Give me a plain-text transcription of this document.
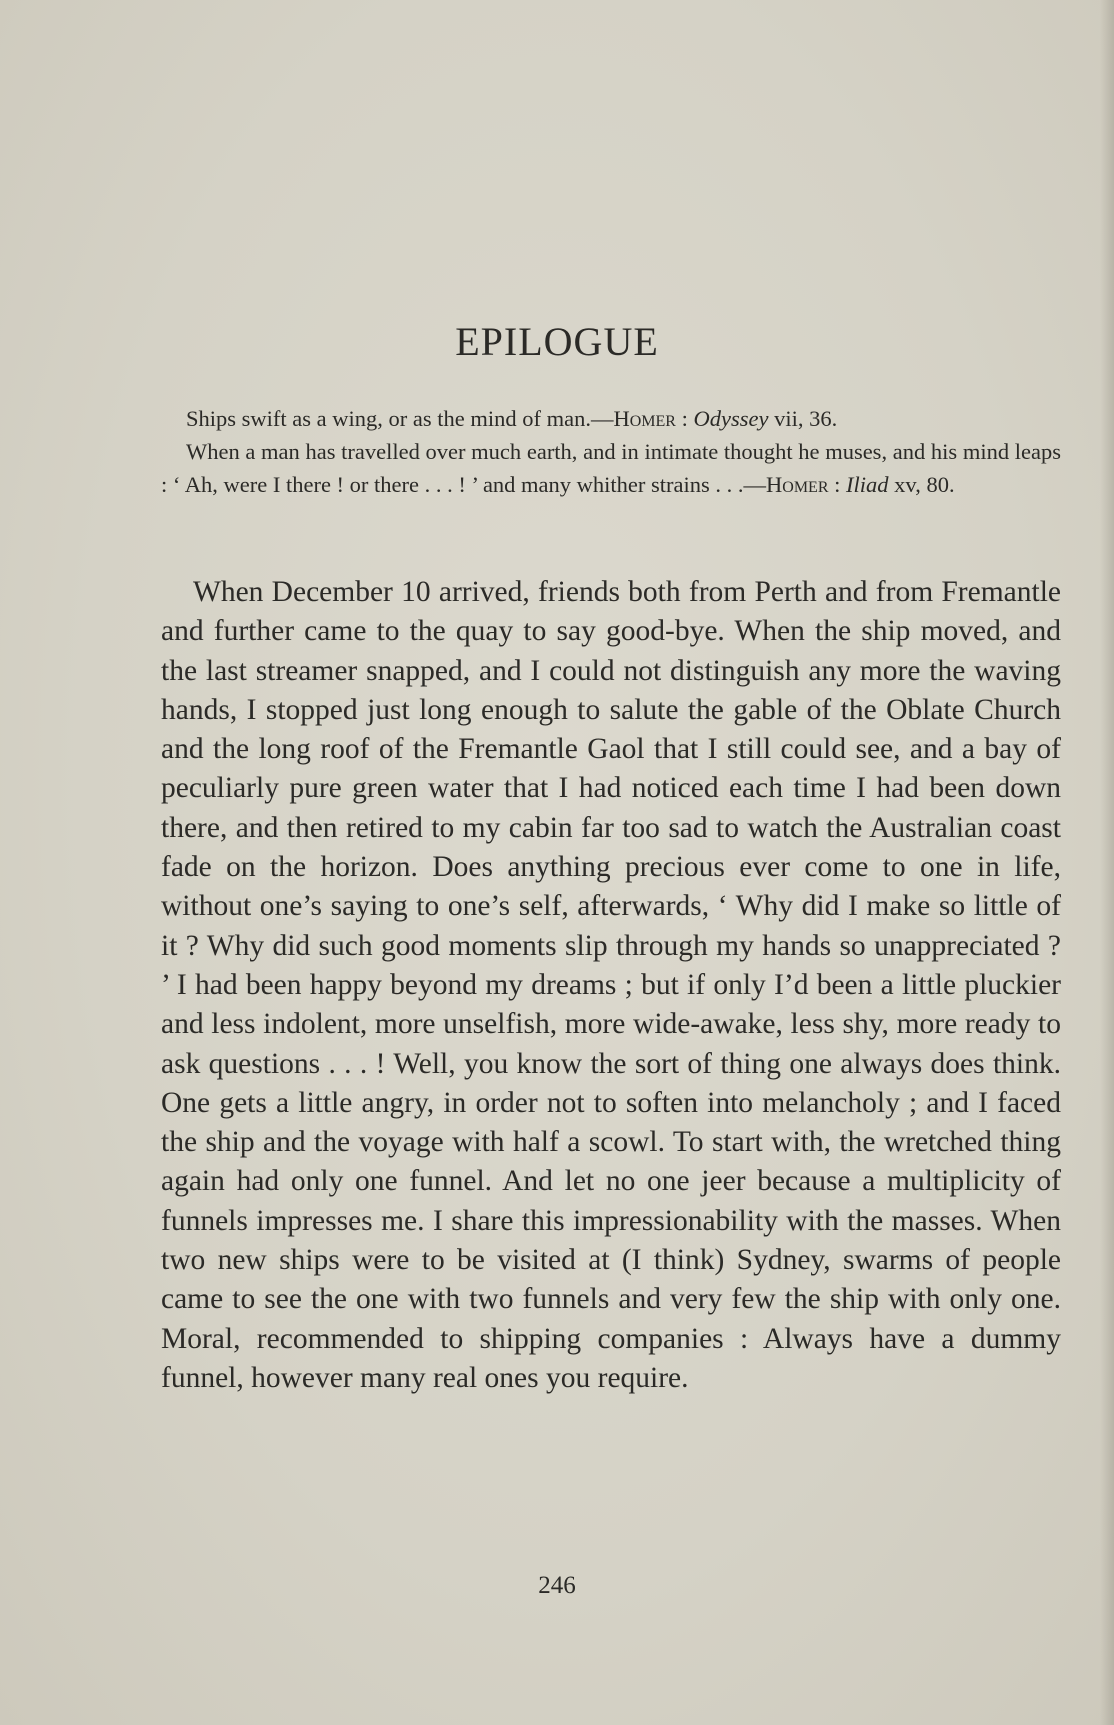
EPILOGUE

Ships swift as a wing, or as the mind of man.—Homer : Odyssey vii, 36.

When a man has travelled over much earth, and in intimate thought he muses, and his mind leaps : ‘ Ah, were I there ! or there . . . ! ’ and many whither strains . . .—Homer : Iliad xv, 80.

When December 10 arrived, friends both from Perth and from Fremantle and further came to the quay to say good-bye. When the ship moved, and the last streamer snapped, and I could not distinguish any more the waving hands, I stopped just long enough to salute the gable of the Oblate Church and the long roof of the Fremantle Gaol that I still could see, and a bay of peculiarly pure green water that I had noticed each time I had been down there, and then retired to my cabin far too sad to watch the Australian coast fade on the horizon. Does anything precious ever come to one in life, without one’s saying to one’s self, afterwards, ‘ Why did I make so little of it ? Why did such good moments slip through my hands so unappreciated ? ’ I had been happy beyond my dreams ; but if only I’d been a little pluckier and less indolent, more unselfish, more wide-awake, less shy, more ready to ask questions . . . ! Well, you know the sort of thing one always does think. One gets a little angry, in order not to soften into melancholy ; and I faced the ship and the voyage with half a scowl. To start with, the wretched thing again had only one funnel. And let no one jeer because a multiplicity of funnels impresses me. I share this impressionability with the masses. When two new ships were to be visited at (I think) Sydney, swarms of people came to see the one with two funnels and very few the ship with only one. Moral, recommended to shipping companies : Always have a dummy funnel, however many real ones you require.

246
